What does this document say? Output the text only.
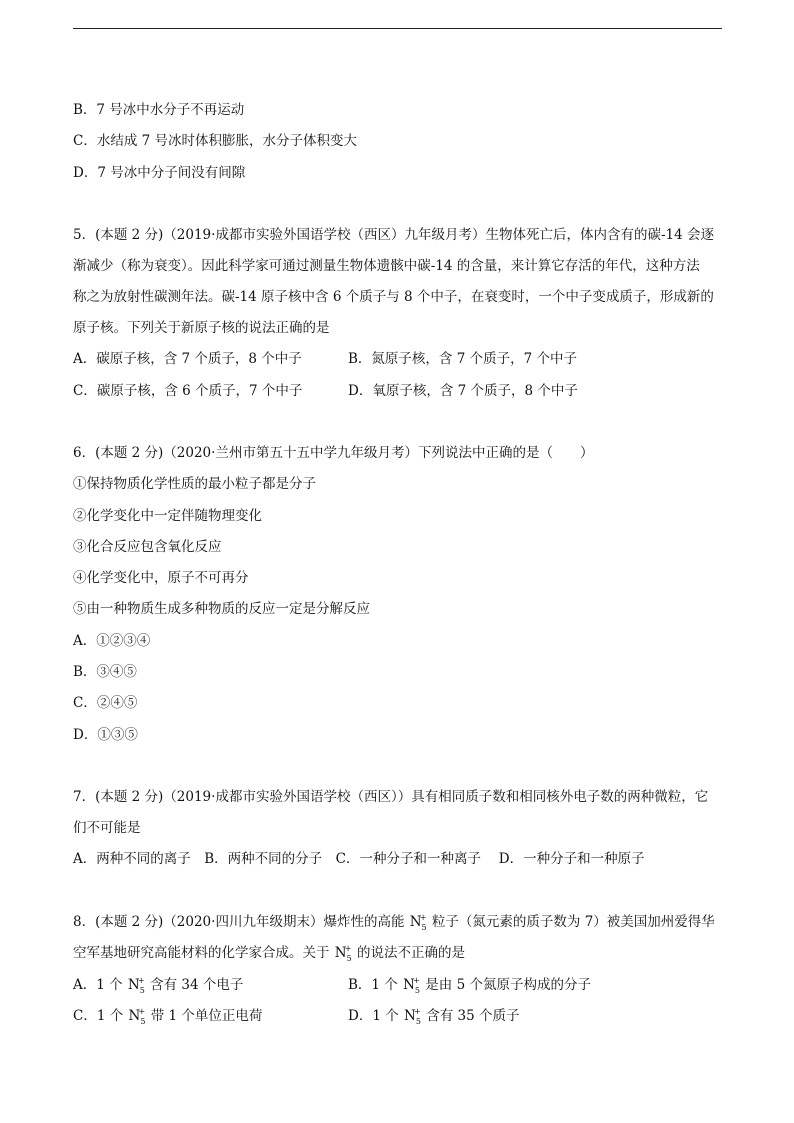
B．7 号冰中水分子不再运动
C．水结成 7 号冰时体积膨胀，水分子体积变大
D．7 号冰中分子间没有间隙
5．(本题 2 分)（2019·成都市实验外国语学校（西区）九年级月考）生物体死亡后，体内含有的碳-14 会逐
渐减少（称为衰变）。因此科学家可通过测量生物体遗骸中碳-14 的含量，来计算它存活的年代，这种方法
称之为放射性碳测年法。碳-14 原子核中含 6 个质子与 8 个中子，在衰变时，一个中子变成质子，形成新的
原子核。下列关于新原子核的说法正确的是
A．碳原子核，含 7 个质子，8 个中子	B．氮原子核，含 7 个质子，7 个中子
C．碳原子核，含 6 个质子，7 个中子	D．氧原子核，含 7 个质子，8 个中子
6．(本题 2 分)（2020·兰州市第五十五中学九年级月考）下列说法中正确的是（　　）
①保持物质化学性质的最小粒子都是分子
②化学变化中一定伴随物理变化
③化合反应包含氧化反应
④化学变化中，原子不可再分
⑤由一种物质生成多种物质的反应一定是分解反应
A．①②③④
B．③④⑤
C．②④⑤
D．①③⑤
7．(本题 2 分)（2019·成都市实验外国语学校（西区））具有相同质子数和相同核外电子数的两种微粒，它
们不可能是
A．两种不同的离子　B．两种不同的分子　C．一种分子和一种离子　 D．一种分子和一种原子
8．(本题 2 分)（2020·四川九年级期末）爆炸性的高能 $N_5$
+ 粒子（氮元素的质子数为 7）被美国加州爱得华
空军基地研究高能材料的化学家合成。关于 $N_5$
+ 的说法不正确的是
A．1 个 $N_5$
+ 含有 34 个电子	B．1 个 $N_5$
+ 是由 5 个氮原子构成的分子
C．1 个 $N_5$
+ 带 1 个单位正电荷	D．1 个 $N_5$
+ 含有 35 个质子
